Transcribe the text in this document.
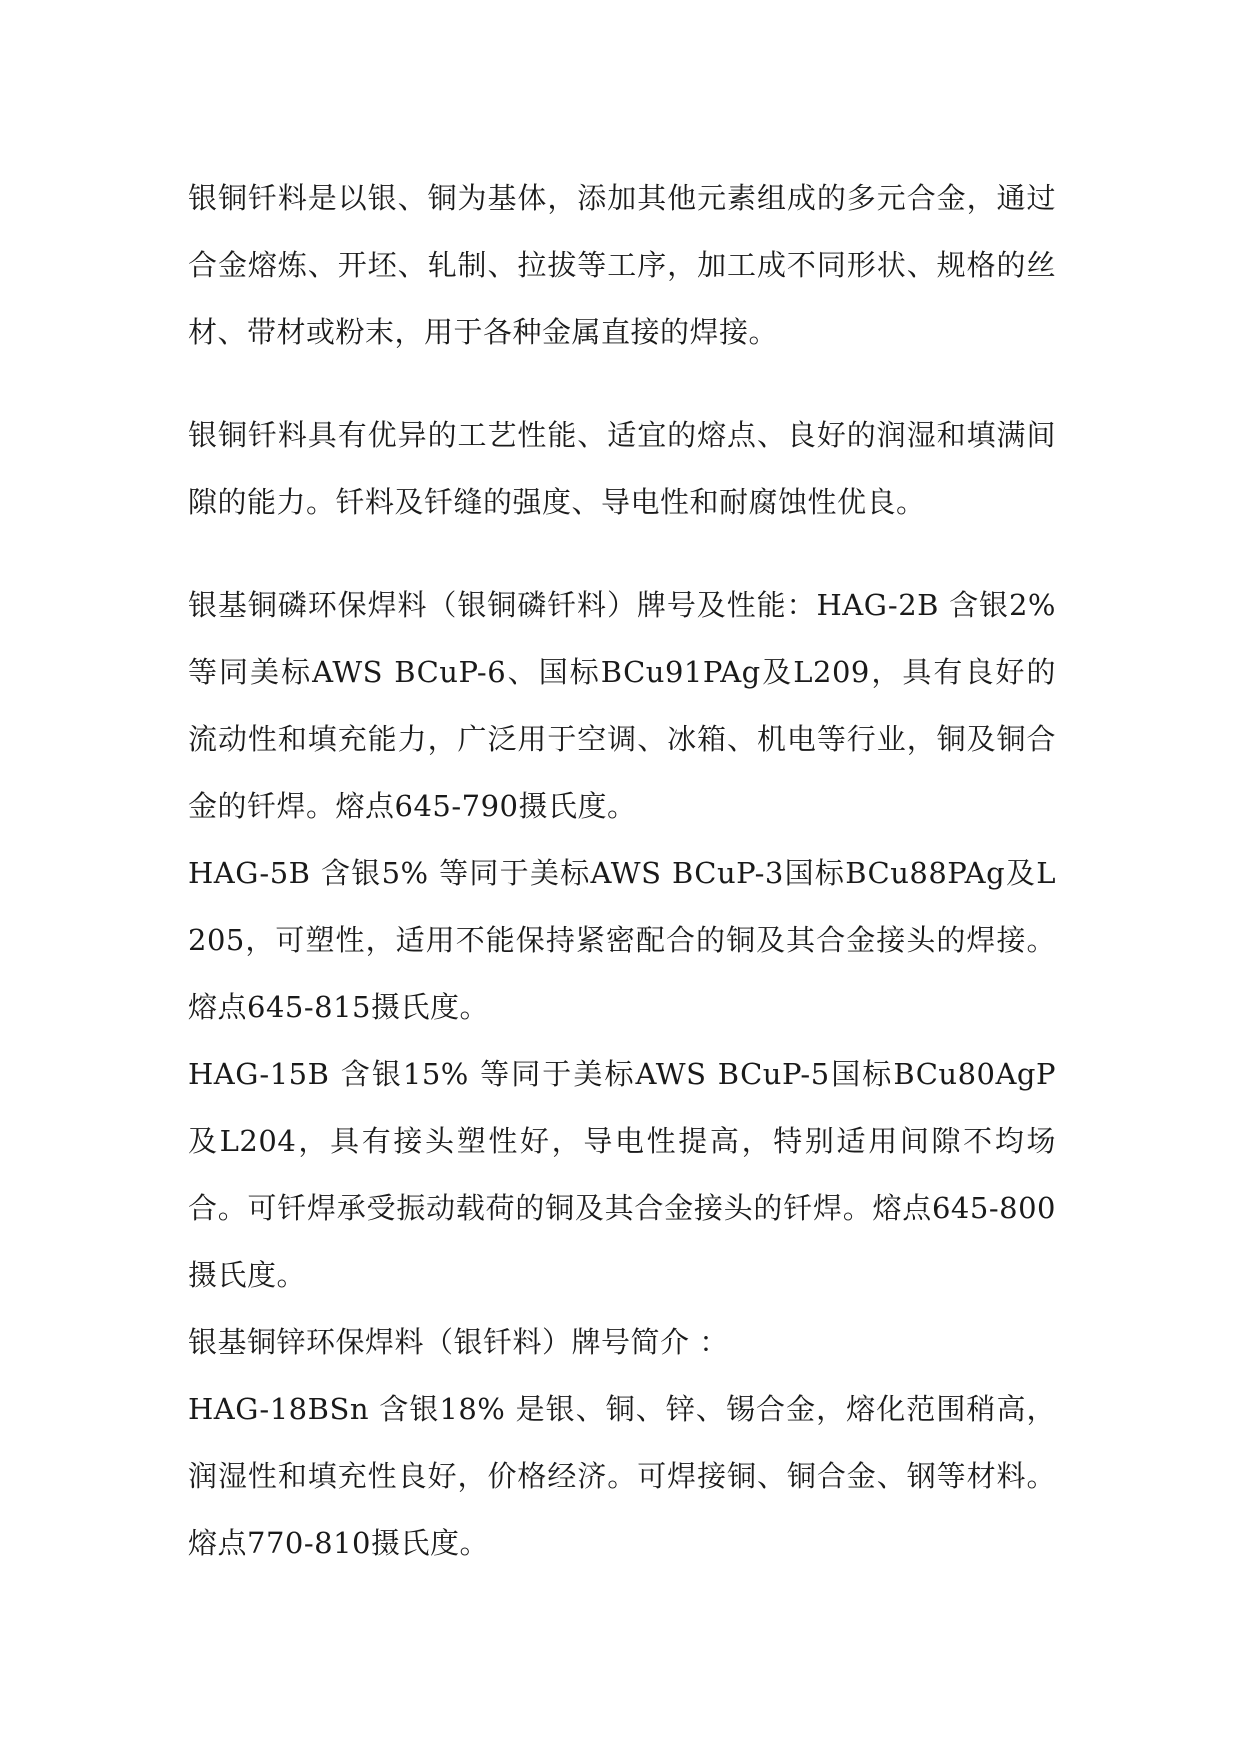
银铜钎料是以银、铜为基体，添加其他元素组成的多元合金，通过合金熔炼、开坯、轧制、拉拔等工序，加工成不同形状、规格的丝材、带材或粉末，用于各种金属直接的焊接。

银铜钎料具有优异的工艺性能、适宜的熔点、良好的润湿和填满间隙的能力。钎料及钎缝的强度、导电性和耐腐蚀性优良。

银基铜磷环保焊料（银铜磷钎料）牌号及性能：HAG-2B 含银2% 等同美标AWS BCuP-6、国标BCu91PAg及L209，具有良好的流动性和填充能力，广泛用于空调、冰箱、机电等行业，铜及铜合金的钎焊。熔点645-790摄氏度。

HAG-5B 含银5% 等同于美标AWS BCuP-3国标BCu88PAg及L205，可塑性，适用不能保持紧密配合的铜及其合金接头的焊接。熔点645-815摄氏度。

HAG-15B 含银15% 等同于美标AWS BCuP-5国标BCu80AgP及L204，具有接头塑性好，导电性提高，特别适用间隙不均场合。可钎焊承受振动载荷的铜及其合金接头的钎焊。熔点645-800摄氏度。

银基铜锌环保焊料（银钎料）牌号简介 ：

HAG-18BSn 含银18% 是银、铜、锌、锡合金，熔化范围稍高，润湿性和填充性良好，价格经济。可焊接铜、铜合金、钢等材料。熔点770-810摄氏度。
